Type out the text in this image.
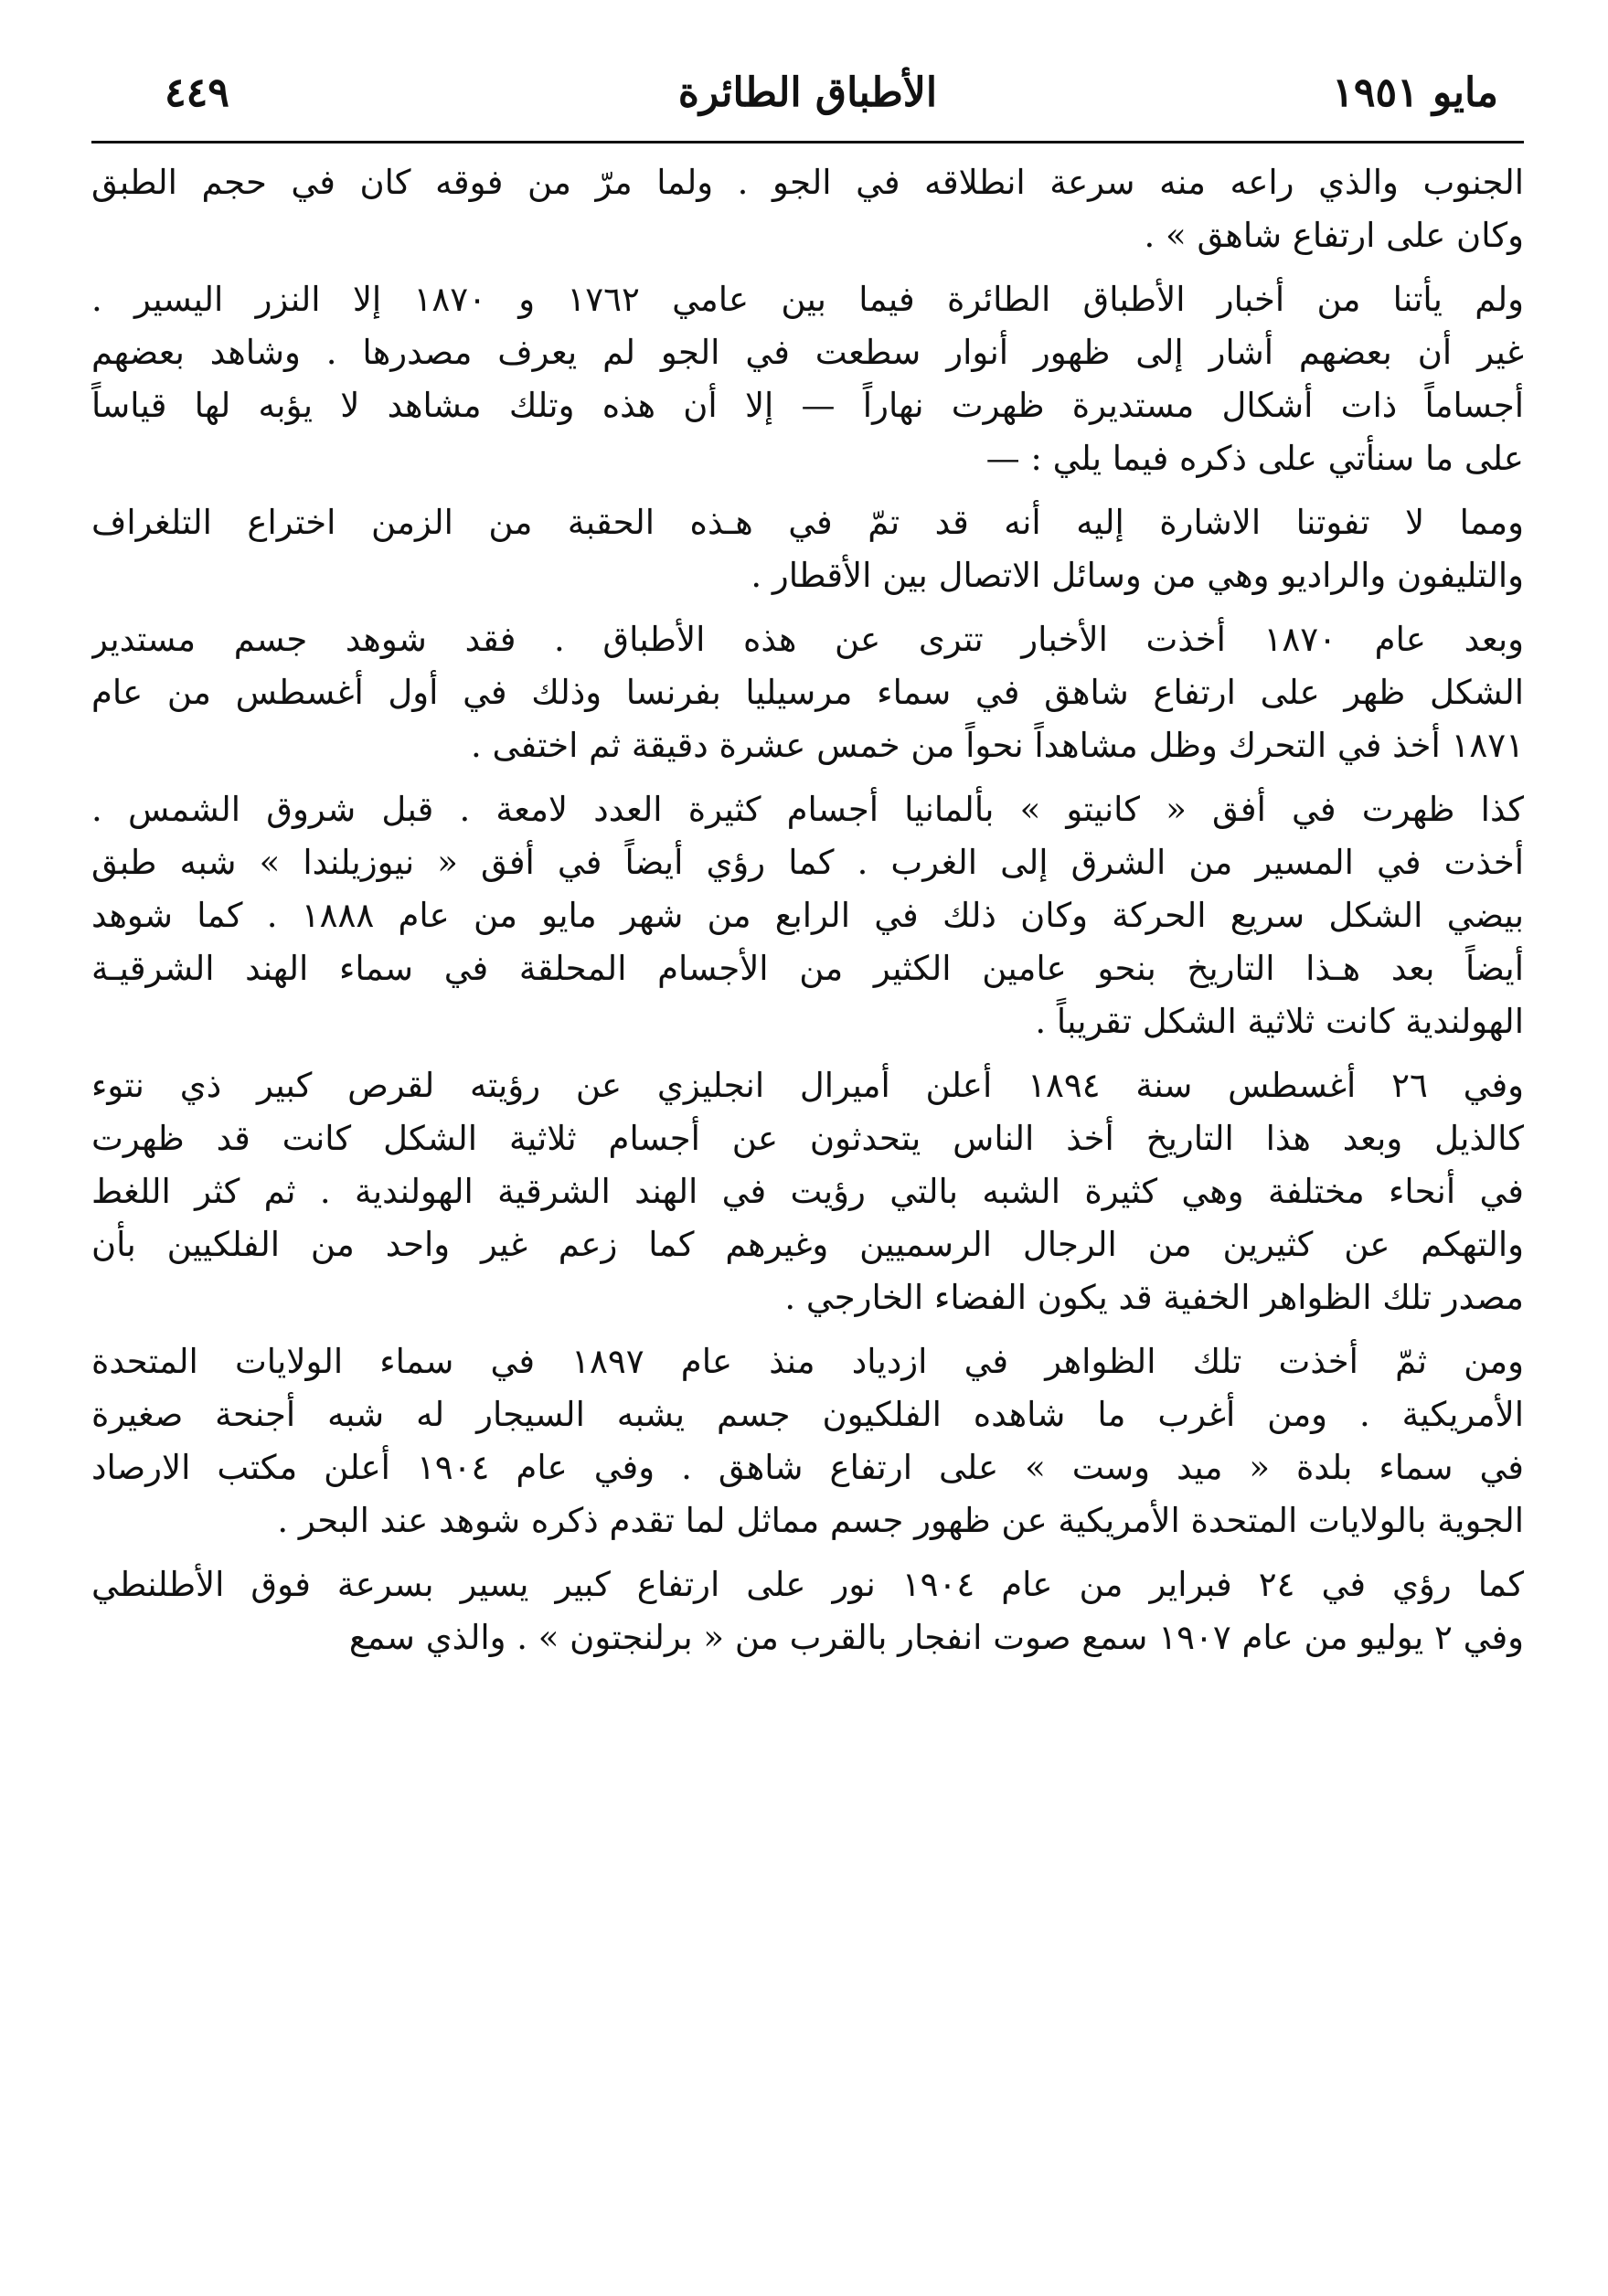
مايو ١٩٥١
الأطباق الطائرة
٤٤٩

الجنوب والذي راعه منه سرعة انطلاقه في الجو . ولما مرّ من فوقه كان في حجم الطبق
وكان على ارتفاع شاهق » .

ولم يأتنا من أخبار الأطباق الطائرة فيما بين عامي ١٧٦٢ و ١٨٧٠ إلا النزر اليسير .
غير أن بعضهم أشار إلى ظهور أنوار سطعت في الجو لم يعرف مصدرها . وشاهد بعضهم
أجساماً ذات أشكال مستديرة ظهرت نهاراً — إلا أن هذه وتلك مشاهد لا يؤبه لها قياساً
على ما سنأتي على ذكره فيما يلي : —

ومما لا تفوتنا الاشارة إليه أنه قد تمّ في هـذه الحقبة من الزمن اختراع التلغراف
والتليفون والراديو وهي من وسائل الاتصال بين الأقطار .

وبعد عام ١٨٧٠ أخذت الأخبار تترى عن هذه الأطباق . فقد شوهد جسم مستدير
الشكل ظهر على ارتفاع شاهق في سماء مرسيليا بفرنسا وذلك في أول أغسطس من عام
١٨٧١ أخذ في التحرك وظل مشاهداً نحواً من خمس عشرة دقيقة ثم اختفى .

كذا ظهرت في أفق « كانيتو » بألمانيا أجسام كثيرة العدد لامعة . قبل شروق الشمس .
أخذت في المسير من الشرق إلى الغرب . كما رؤي أيضاً في أفق « نيوزيلندا » شبه طبق
بيضي الشكل سريع الحركة وكان ذلك في الرابع من شهر مايو من عام ١٨٨٨ . كما شوهد
أيضاً بعد هـذا التاريخ بنحو عامين الكثير من الأجسام المحلقة في سماء الهند الشرقيـة
الهولندية كانت ثلاثية الشكل تقريباً .

وفي ٢٦ أغسطس سنة ١٨٩٤ أعلن أميرال انجليزي عن رؤيته لقرص كبير ذي نتوء
كالذيل وبعد هذا التاريخ أخذ الناس يتحدثون عن أجسام ثلاثية الشكل كانت قد ظهرت
في أنحاء مختلفة وهي كثيرة الشبه بالتي رؤيت في الهند الشرقية الهولندية . ثم كثر اللغط
والتهكم عن كثيرين من الرجال الرسميين وغيرهم كما زعم غير واحد من الفلكيين بأن
مصدر تلك الظواهر الخفية قد يكون الفضاء الخارجي .

ومن ثمّ أخذت تلك الظواهر في ازدياد منذ عام ١٨٩٧ في سماء الولايات المتحدة
الأمريكية . ومن أغرب ما شاهده الفلكيون جسم يشبه السيجار له شبه أجنحة صغيرة
في سماء بلدة « ميد وست » على ارتفاع شاهق . وفي عام ١٩٠٤ أعلن مكتب الارصاد
الجوية بالولايات المتحدة الأمريكية عن ظهور جسم مماثل لما تقدم ذكره شوهد عند البحر .

كما رؤي في ٢٤ فبراير من عام ١٩٠٤ نور على ارتفاع كبير يسير بسرعة فوق الأطلنطي
وفي ٢ يوليو من عام ١٩٠٧ سمع صوت انفجار بالقرب من « برلنجتون » . والذي سمع
